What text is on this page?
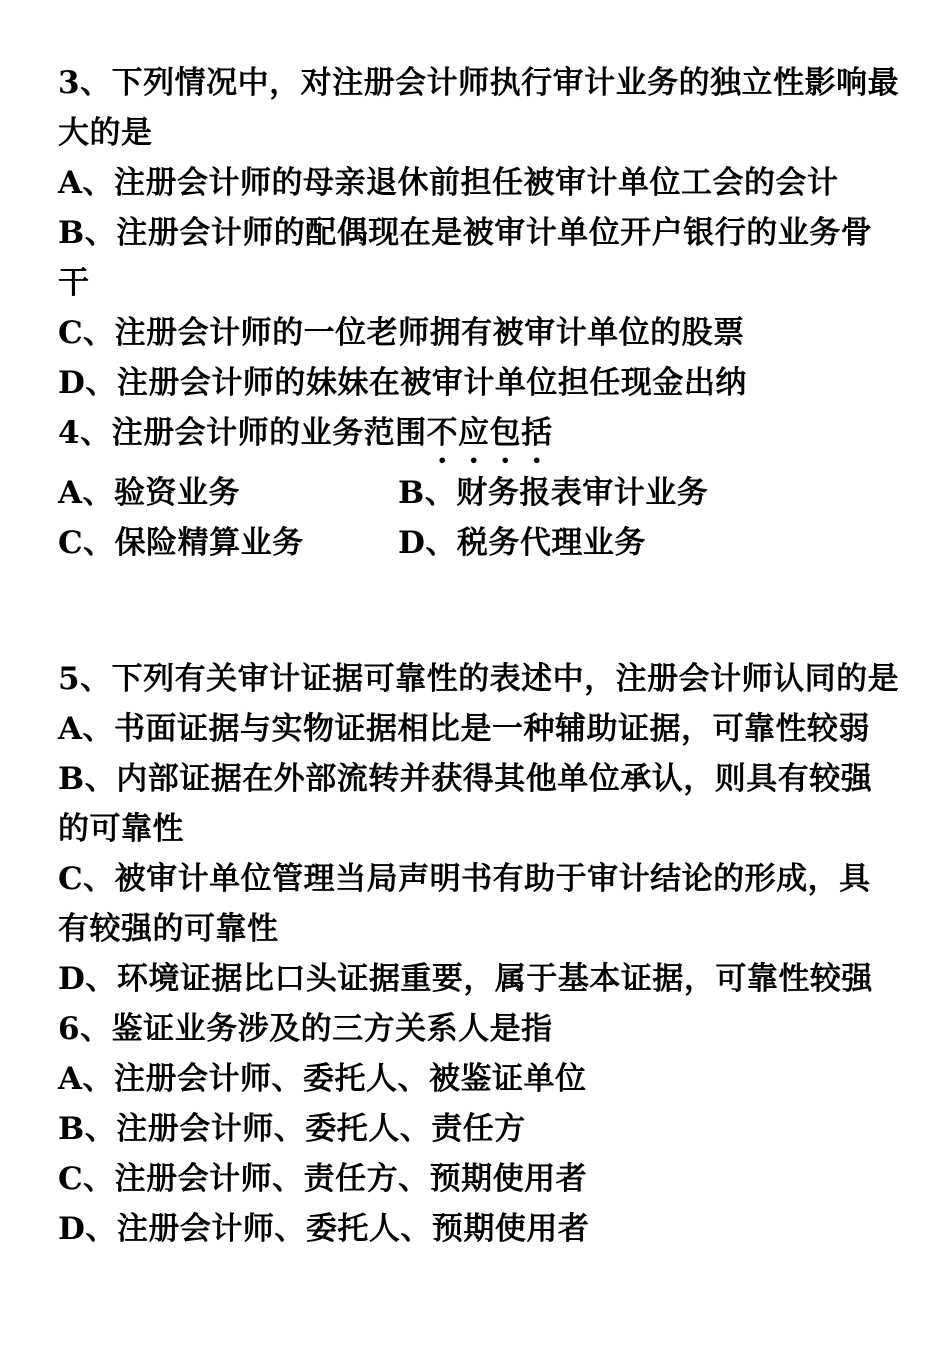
3、下列情况中，对注册会计师执行审计业务的独立性影响最
大的是
A、注册会计师的母亲退休前担任被审计单位工会的会计
B、注册会计师的配偶现在是被审计单位开户银行的业务骨
干
C、注册会计师的一位老师拥有被审计单位的股票
D、注册会计师的妹妹在被审计单位担任现金出纳
4、注册会计师的业务范围不应包括
A、验资业务	B、财务报表审计业务
C、保险精算业务	D、税务代理业务
5、下列有关审计证据可靠性的表述中，注册会计师认同的是
A、书面证据与实物证据相比是一种辅助证据，可靠性较弱
B、内部证据在外部流转并获得其他单位承认，则具有较强
的可靠性
C、被审计单位管理当局声明书有助于审计结论的形成，具
有较强的可靠性
D、环境证据比口头证据重要，属于基本证据，可靠性较强
6、鉴证业务涉及的三方关系人是指
A、注册会计师、委托人、被鉴证单位
B、注册会计师、委托人、责任方
C、注册会计师、责任方、预期使用者
D、注册会计师、委托人、预期使用者
